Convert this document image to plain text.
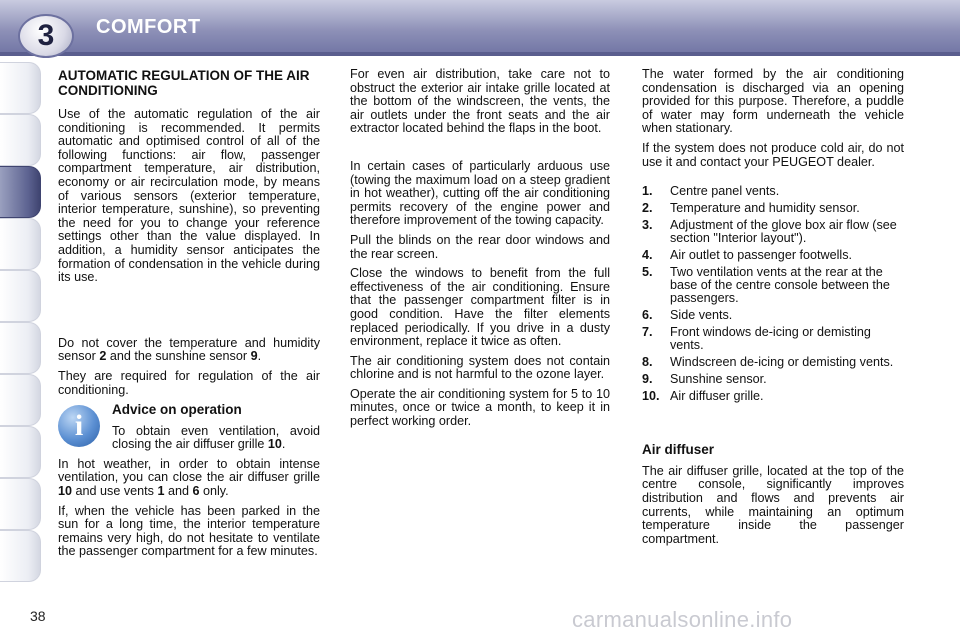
3	COMFORT
AUTOMATIC REGULATION OF THE AIR CONDITIONING

Use of the automatic regulation of the air conditioning is recommended. It permits automatic and optimised control of all of the following functions: air flow, passenger compartment temperature, air distribution, economy or air recirculation mode, by means of various sensors (exterior temperature, interior temperature, sunshine), so preventing the need for you to change your reference settings other than the value displayed. In addition, a humidity sensor anticipates the formation of condensation in the vehicle during its use.

Do not cover the temperature and humidity sensor 2 and the sunshine sensor 9.

They are required for regulation of the air conditioning.

i	Advice on operation

To obtain even ventilation, avoid closing the air diffuser grille 10.

In hot weather, in order to obtain intense ventilation, you can close the air diffuser grille 10 and use vents 1 and 6 only.

If, when the vehicle has been parked in the sun for a long time, the interior temperature remains very high, do not hesitate to ventilate the passenger compartment for a few minutes.

For even air distribution, take care not to obstruct the exterior air intake grille located at the bottom of the windscreen, the vents, the air outlets under the front seats and the air extractor located behind the flaps in the boot.

In certain cases of particularly arduous use (towing the maximum load on a steep gradient in hot weather), cutting off the air conditioning permits recovery of the engine power and therefore improvement of the towing capacity.

Pull the blinds on the rear door windows and the rear screen.

Close the windows to benefit from the full effectiveness of the air conditioning. Ensure that the passenger compartment filter is in good condition. Have the filter elements replaced periodically. If you drive in a dusty environment, replace it twice as often.

The air conditioning system does not contain chlorine and is not harmful to the ozone layer.

Operate the air conditioning system for 5 to 10 minutes, once or twice a month, to keep it in perfect working order.

The water formed by the air conditioning condensation is discharged via an opening provided for this purpose. Therefore, a puddle of water may form underneath the vehicle when stationary.

If the system does not produce cold air, do not use it and contact your PEUGEOT dealer.

1. Centre panel vents.
2. Temperature and humidity sensor.
3. Adjustment of the glove box air flow (see section "Interior layout").
4. Air outlet to passenger footwells.
5. Two ventilation vents at the rear at the base of the centre console between the passengers.
6. Side vents.
7. Front windows de-icing or demisting vents.
8. Windscreen de-icing or demisting vents.
9. Sunshine sensor.
10. Air diffuser grille.
Air diffuser

The air diffuser grille, located at the top of the centre console, significantly improves distribution and flows and prevents air currents, while maintaining an optimum temperature inside the passenger compartment.

38	carmanualsonline.info
